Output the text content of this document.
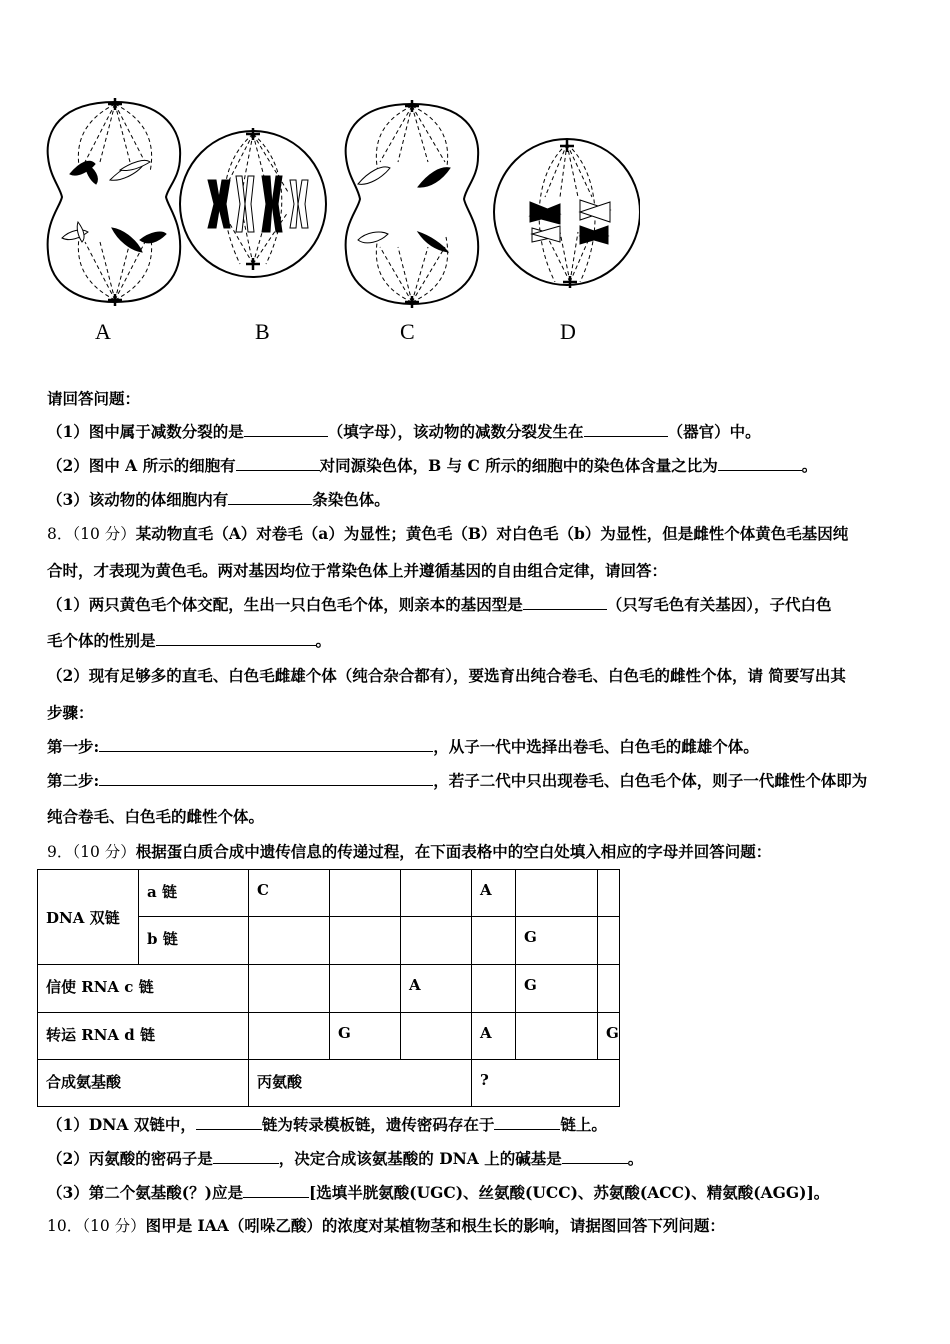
A	B	C	D
请回答问题：
（1）图中属于减数分裂的是	（填字母），该动物的减数分裂发生在	（器官）中。
（2）图中 A 所示的细胞有	对同源染色体，B 与 C 所示的细胞中的染色体含量之比为	。
（3）该动物的体细胞内有	条染色体。
8．（10 分）某动物直毛（A）对卷毛（a）为显性；黄色毛（B）对白色毛（b）为显性，但是雌性个体黄色毛基因纯
合时，才表现为黄色毛。两对基因均位于常染色体上并遵循基因的自由组合定律，请回答：
（1）两只黄色毛个体交配，生出一只白色毛个体，则亲本的基因型是	（只写毛色有关基因），子代白色
毛个体的性别是	。
（2）现有足够多的直毛、白色毛雌雄个体（纯合杂合都有），要选育出纯合卷毛、白色毛的雌性个体，请 简要写出其
步骤：
第一步:	，从子一代中选择出卷毛、白色毛的雌雄个体。
第二步:	，若子二代中只出现卷毛、白色毛个体，则子一代雌性个体即为
纯合卷毛、白色毛的雌性个体。
9．（10 分）根据蛋白质合成中遗传信息的传递过程，在下面表格中的空白处填入相应的字母并回答问题：
DNA 双链	a 链	C			A		
	b 链					G	
信使 RNA c 链				A		G	
转运 RNA d 链			G		A		G
合成氨基酸		丙氨酸			?		
（1）DNA 双链中，	链为转录模板链，遗传密码存在于	链上。
（2）丙氨酸的密码子是	，决定合成该氨基酸的 DNA 上的碱基是	。
（3）第二个氨基酸(？)应是	[选填半胱氨酸(UGC)、丝氨酸(UCC)、苏氨酸(ACC)、精氨酸(AGG)]。
10．（10 分）图甲是 IAA（吲哚乙酸）的浓度对某植物茎和根生长的影响，请据图回答下列问题：
